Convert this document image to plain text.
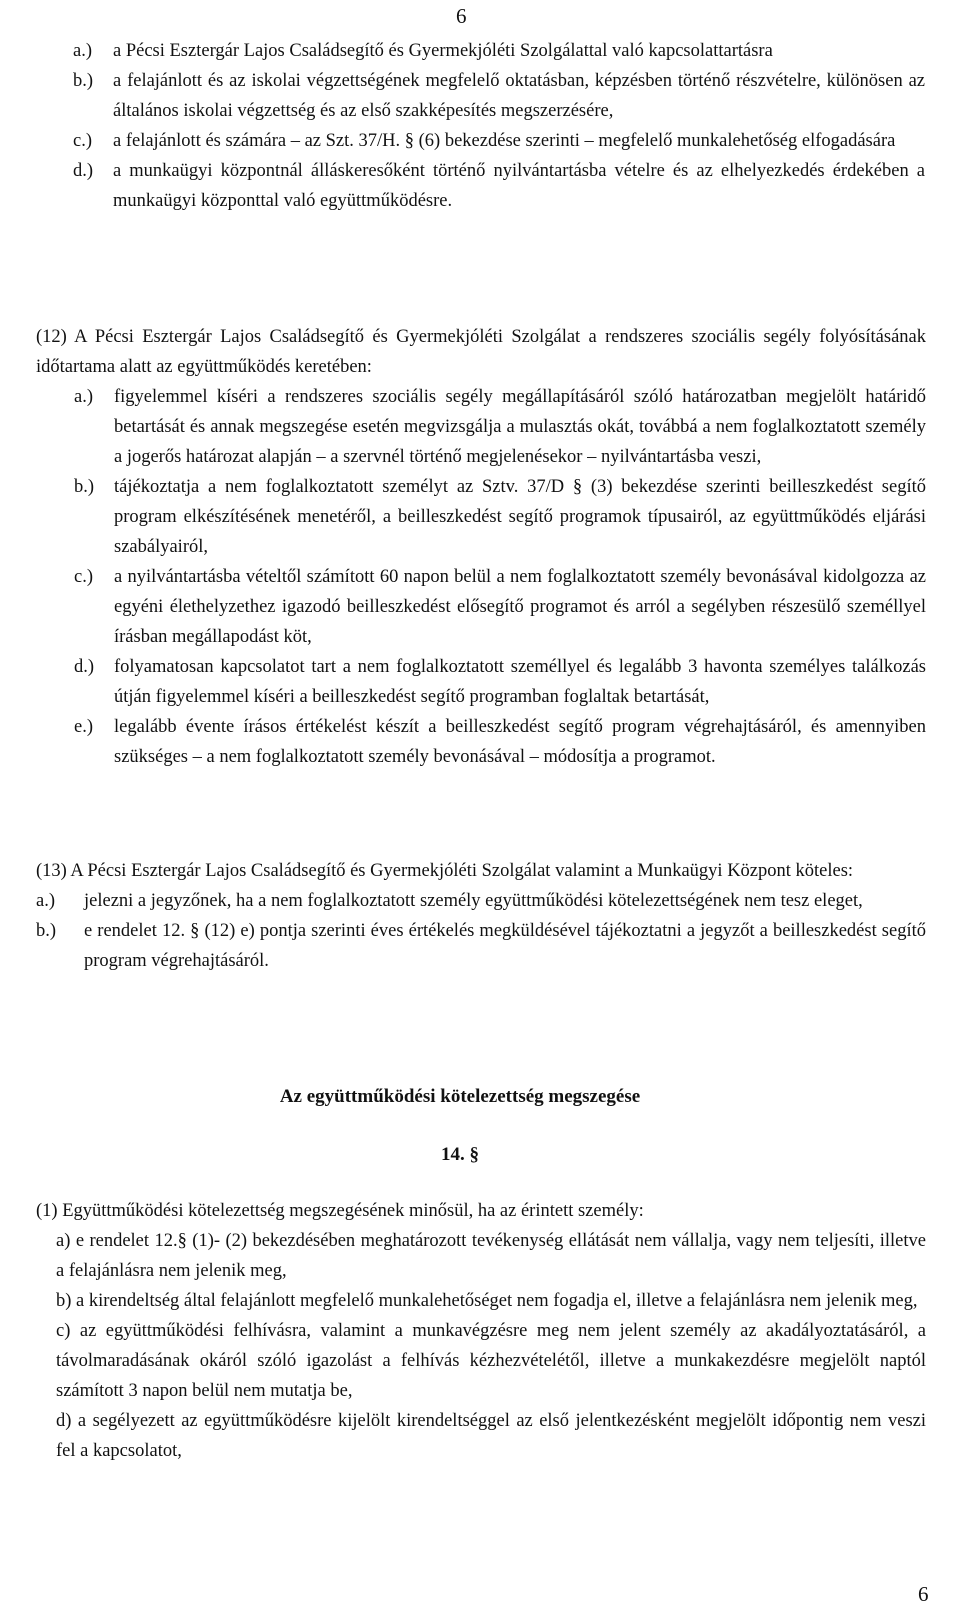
6
a.)	a Pécsi Esztergár Lajos Családsegítő és Gyermekjóléti Szolgálattal való kapcsolattartásra
b.)	a felajánlott és az iskolai végzettségének megfelelő oktatásban, képzésben történő részvételre, különösen az általános iskolai végzettség és az első szakképesítés megszerzésére,
c.)	a felajánlott és számára – az Szt. 37/H. § (6) bekezdése szerinti – megfelelő munkalehetőség elfogadására
d.)	a munkaügyi központnál álláskeresőként történő nyilvántartásba vételre és az elhelyezkedés érdekében a munkaügyi központtal való együttműködésre.

(12) A Pécsi Esztergár Lajos Családsegítő és Gyermekjóléti Szolgálat a rendszeres szociális segély folyósításának időtartama alatt az együttműködés keretében:

a.)	figyelemmel kíséri a rendszeres szociális segély megállapításáról szóló határozatban megjelölt határidő betartását és annak megszegése esetén megvizsgálja a mulasztás okát, továbbá a nem foglalkoztatott személy a jogerős határozat alapján – a szervnél történő megjelenésekor – nyilvántartásba veszi,
b.)	tájékoztatja a nem foglalkoztatott személyt az Sztv. 37/D § (3) bekezdése szerinti beilleszkedést segítő program elkészítésének menetéről, a beilleszkedést segítő programok típusairól, az együttműködés eljárási szabályairól,
c.)	a nyilvántartásba vételtől számított 60 napon belül a nem foglalkoztatott személy bevonásával kidolgozza az egyéni élethelyzethez igazodó beilleszkedést elősegítő programot és arról a segélyben részesülő személlyel írásban megállapodást köt,
d.)	folyamatosan kapcsolatot tart a nem foglalkoztatott személlyel és legalább 3 havonta személyes találkozás útján figyelemmel kíséri a beilleszkedést segítő programban foglaltak betartását,
e.)	legalább évente írásos értékelést készít a beilleszkedést segítő program végrehajtásáról, és amennyiben szükséges – a nem foglalkoztatott személy bevonásával – módosítja a programot.

(13) A Pécsi Esztergár Lajos Családsegítő és Gyermekjóléti Szolgálat valamint a Munkaügyi Központ köteles:

a.)	jelezni a jegyzőnek, ha a nem foglalkoztatott személy együttműködési kötelezettségének nem tesz eleget,
b.)	e rendelet 12. § (12) e) pontja szerinti éves értékelés megküldésével tájékoztatni a jegyzőt a beilleszkedést segítő program végrehajtásáról.
Az együttműködési kötelezettség megszegése
14. §

(1) Együttműködési kötelezettség megszegésének minősül, ha az érintett személy:

a) e rendelet 12.§ (1)- (2) bekezdésében meghatározott tevékenység ellátását nem vállalja, vagy nem teljesíti, illetve a felajánlásra nem jelenik meg,
b) a kirendeltség által felajánlott megfelelő munkalehetőséget nem fogadja el, illetve a felajánlásra nem jelenik meg,
c) az együttműködési felhívásra, valamint a munkavégzésre meg nem jelent személy az akadályoztatásáról, a távolmaradásának okáról szóló igazolást a felhívás kézhezvételétől, illetve a munkakezdésre megjelölt naptól számított 3 napon belül nem mutatja be,
d) a segélyezett az együttműködésre kijelölt kirendeltséggel az első jelentkezésként megjelölt időpontig nem veszi fel a kapcsolatot,
6
